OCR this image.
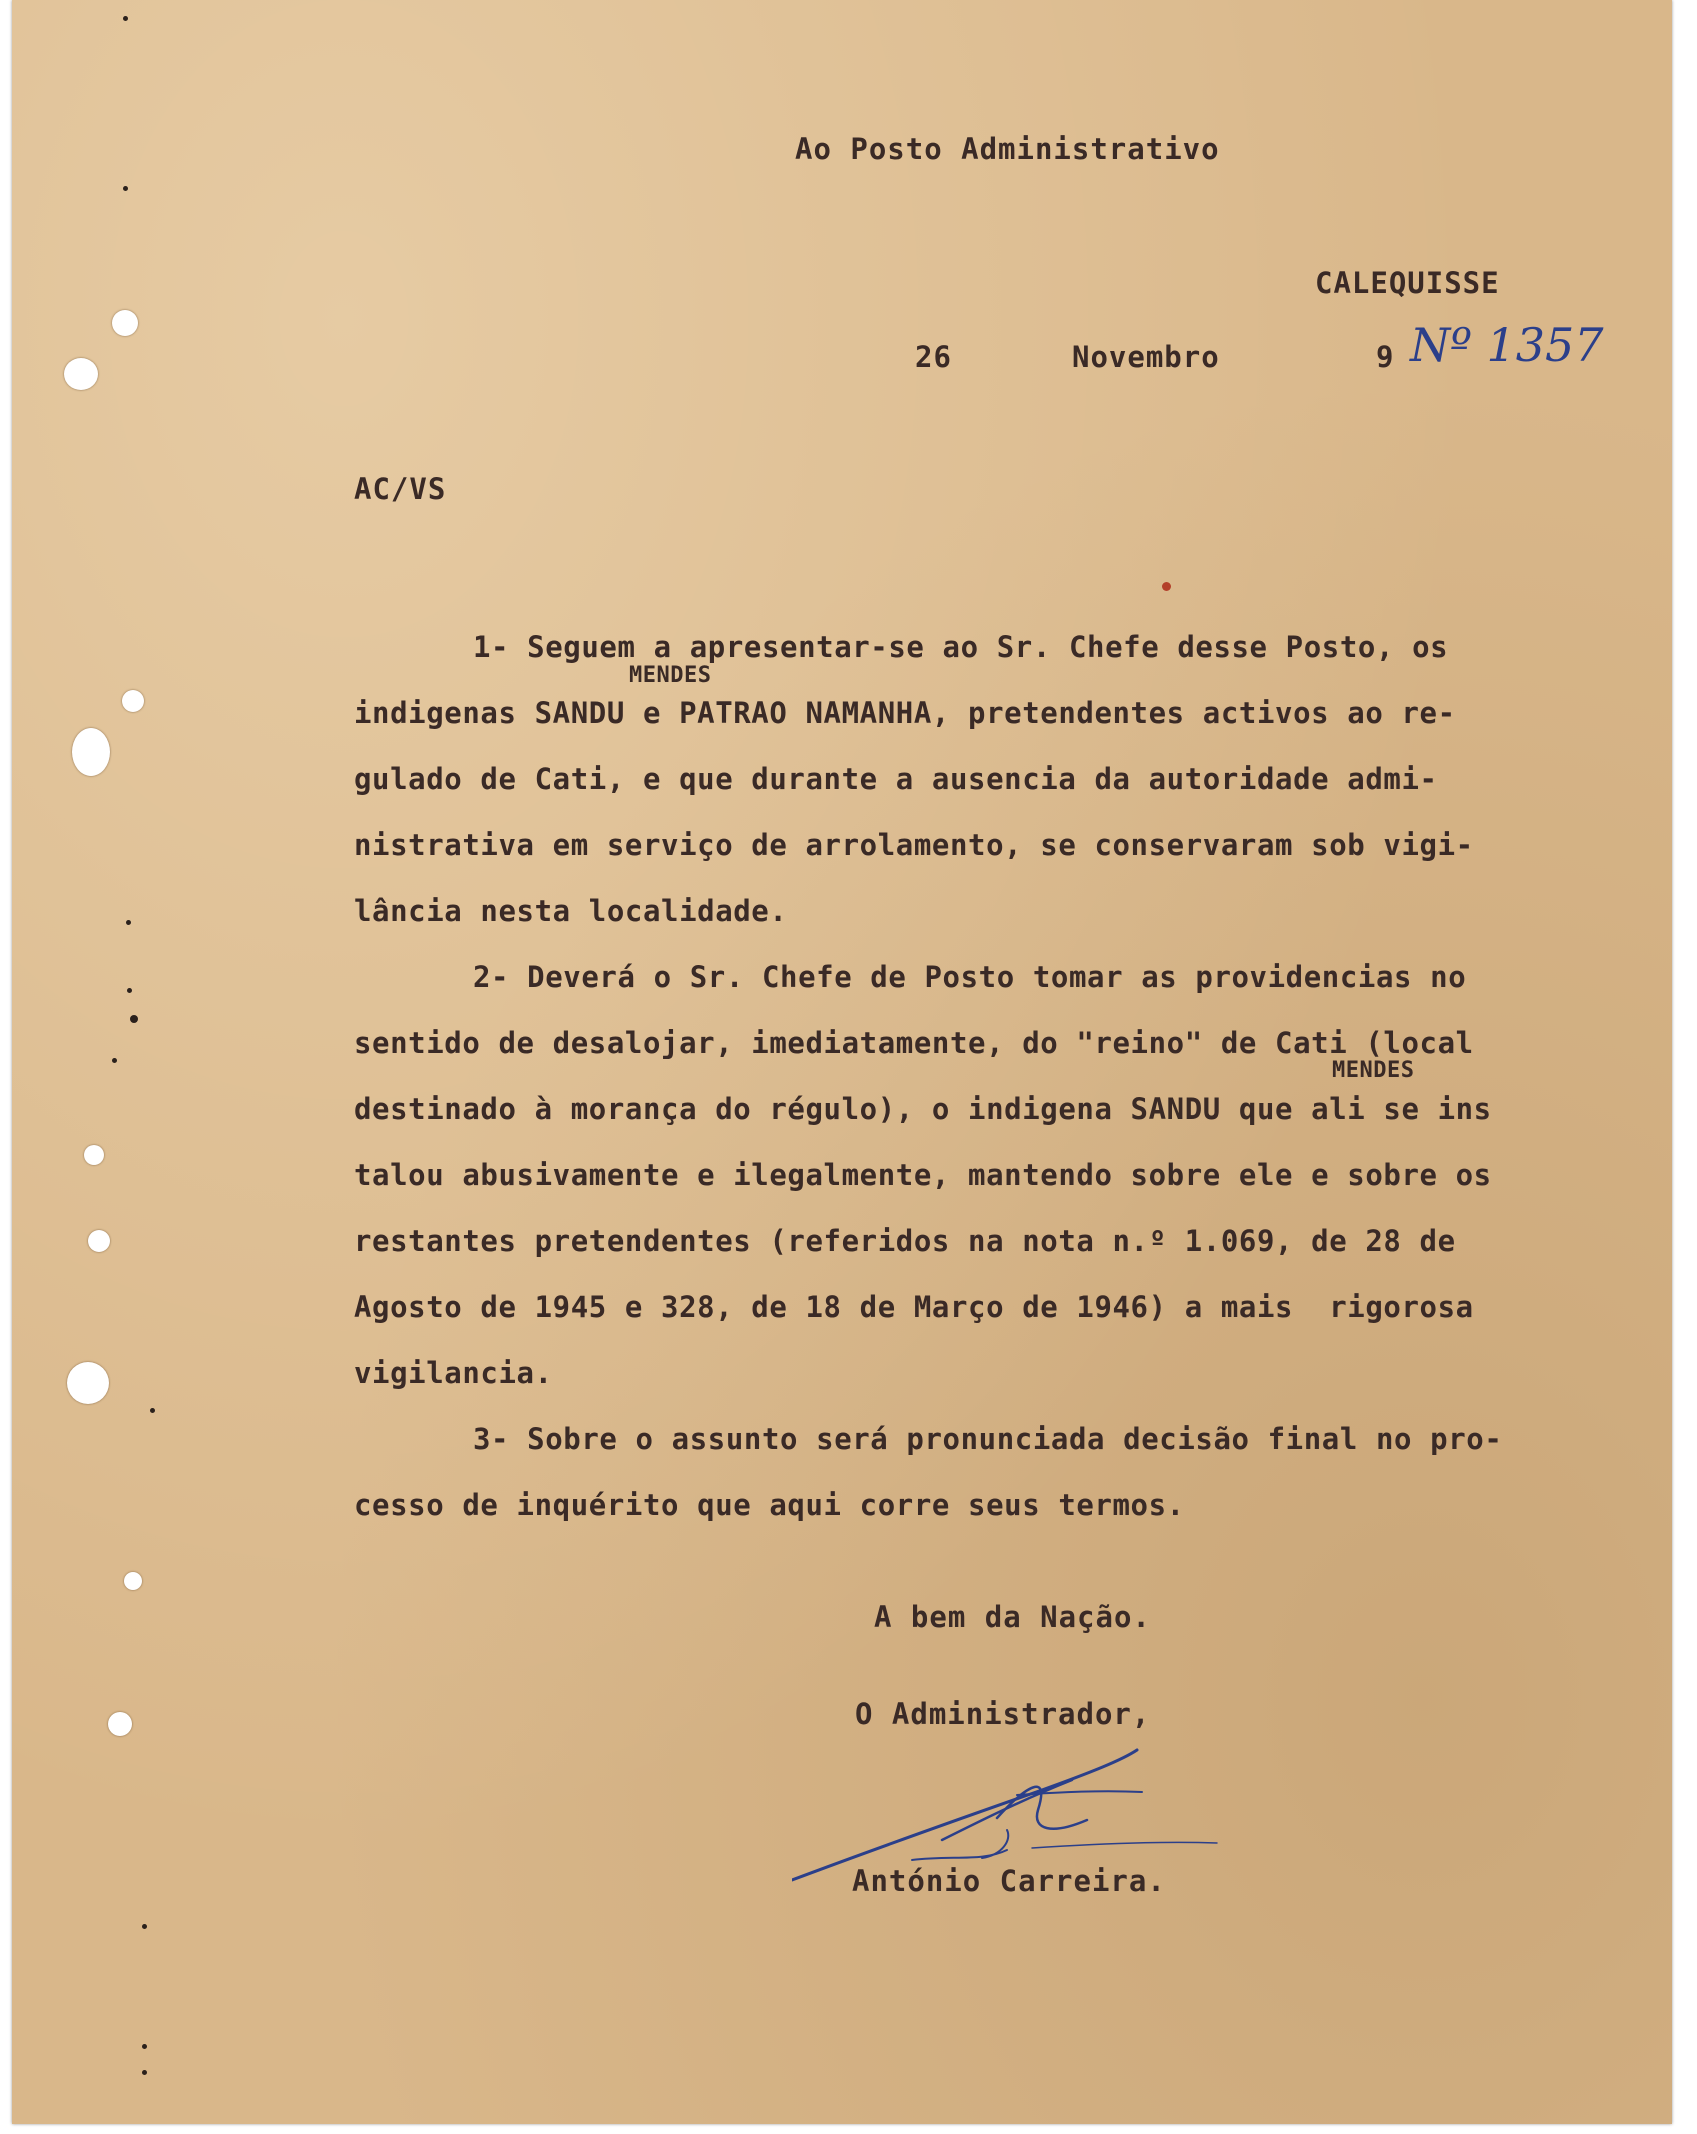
Ao Posto Administrativo
CALEQUISSE
26	Novembro	9 Nº 1357
AC/VS
MENDES
1- Seguem a apresentar-se ao Sr. Chefe desse Posto, os
indigenas SANDU e PATRAO NAMANHA, pretendentes activos ao re-
gulado de Cati, e que durante a ausencia da autoridade admi-
nistrativa em serviço de arrolamento, se conservaram sob vigi-
lância nesta localidade.
2- Deverá o Sr. Chefe de Posto tomar as providencias no
sentido de desalojar, imediatamente, do "reino" de Cati (local
MENDES
destinado à morança do régulo), o indigena SANDU que ali se ins
talou abusivamente e ilegalmente, mantendo sobre ele e sobre os
restantes pretendentes (referidos na nota n.º 1.069, de 28 de
Agosto de 1945 e 328, de 18 de Março de 1946) a mais  rigorosa
vigilancia.
3- Sobre o assunto será pronunciada decisão final no pro-
cesso de inquérito que aqui corre seus termos.
A bem da Nação.
O Administrador,
António Carreira.
